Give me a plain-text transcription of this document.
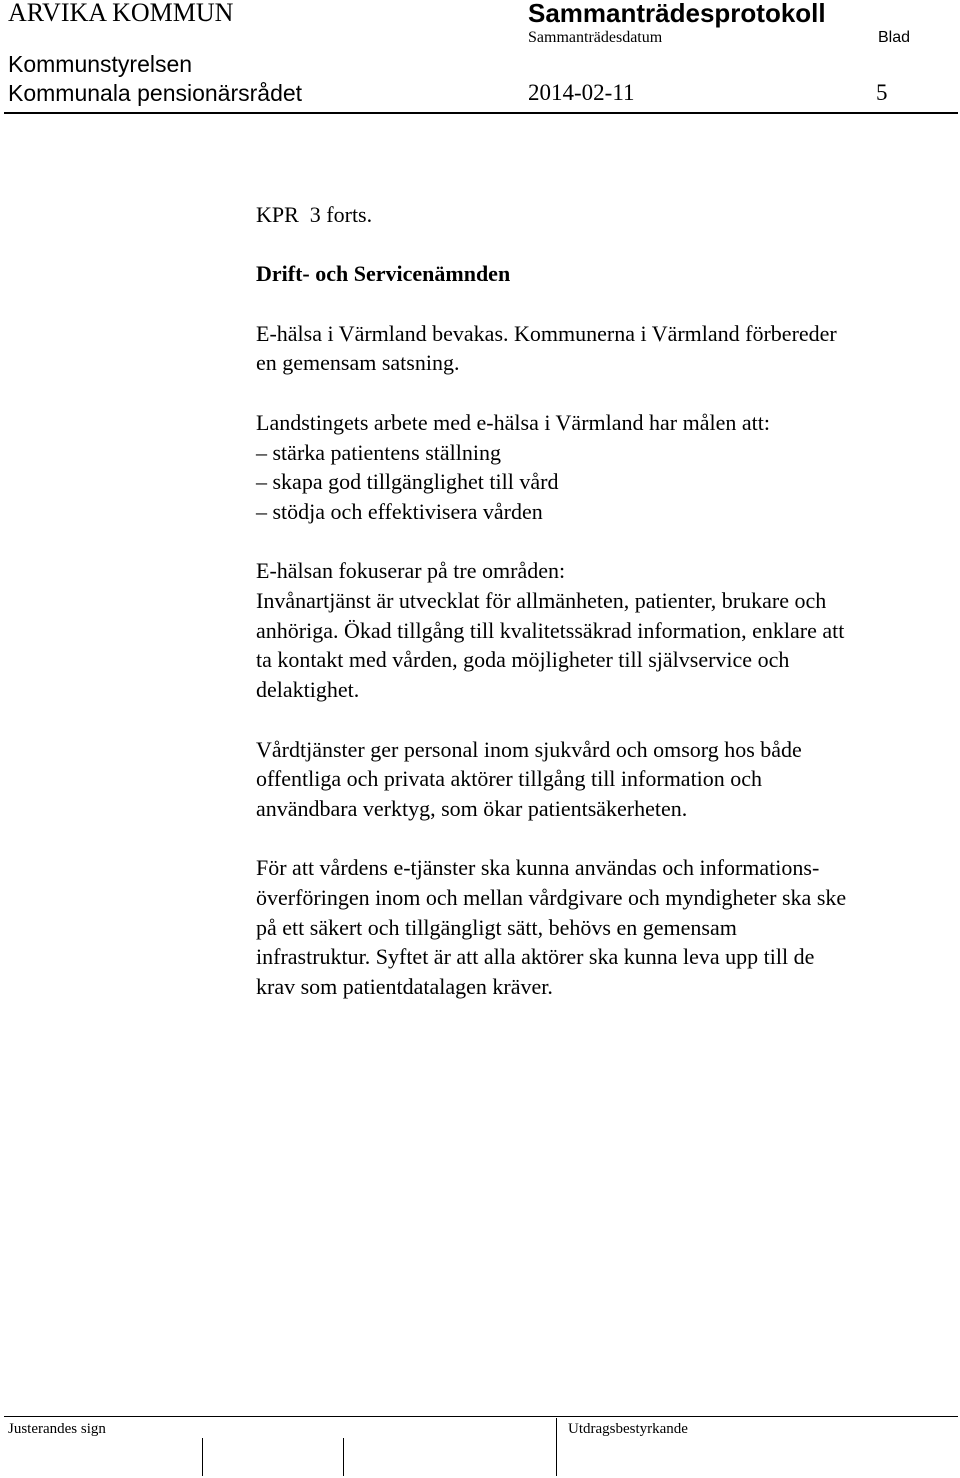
ARVIKA KOMMUN	Sammanträdesprotokoll
Sammanträdesdatum	Blad
Kommunstyrelsen
Kommunala pensionärsrådet	2014-02-11	5

KPR  3 forts.

Drift- och Servicenämnden

E-hälsa i Värmland bevakas. Kommunerna i Värmland förbereder

en gemensam satsning.

Landstingets arbete med e-hälsa i Värmland har målen att:

– stärka patientens ställning

– skapa god tillgänglighet till vård

– stödja och effektivisera vården

E-hälsan fokuserar på tre områden:

Invånartjänst är utvecklat för allmänheten, patienter, brukare och

anhöriga. Ökad tillgång till kvalitetssäkrad information, enklare att

ta kontakt med vården, goda möjligheter till självservice och

delaktighet.

Vårdtjänster ger personal inom sjukvård och omsorg hos både

offentliga och privata aktörer tillgång till information och

användbara verktyg, som ökar patientsäkerheten.

För att vårdens e-tjänster ska kunna användas och informations-

överföringen inom och mellan vårdgivare och myndigheter ska ske

på ett säkert och tillgängligt sätt, behövs en gemensam

infrastruktur. Syftet är att alla aktörer ska kunna leva upp till de

krav som patientdatalagen kräver.

Justerandes sign	Utdragsbestyrkande
